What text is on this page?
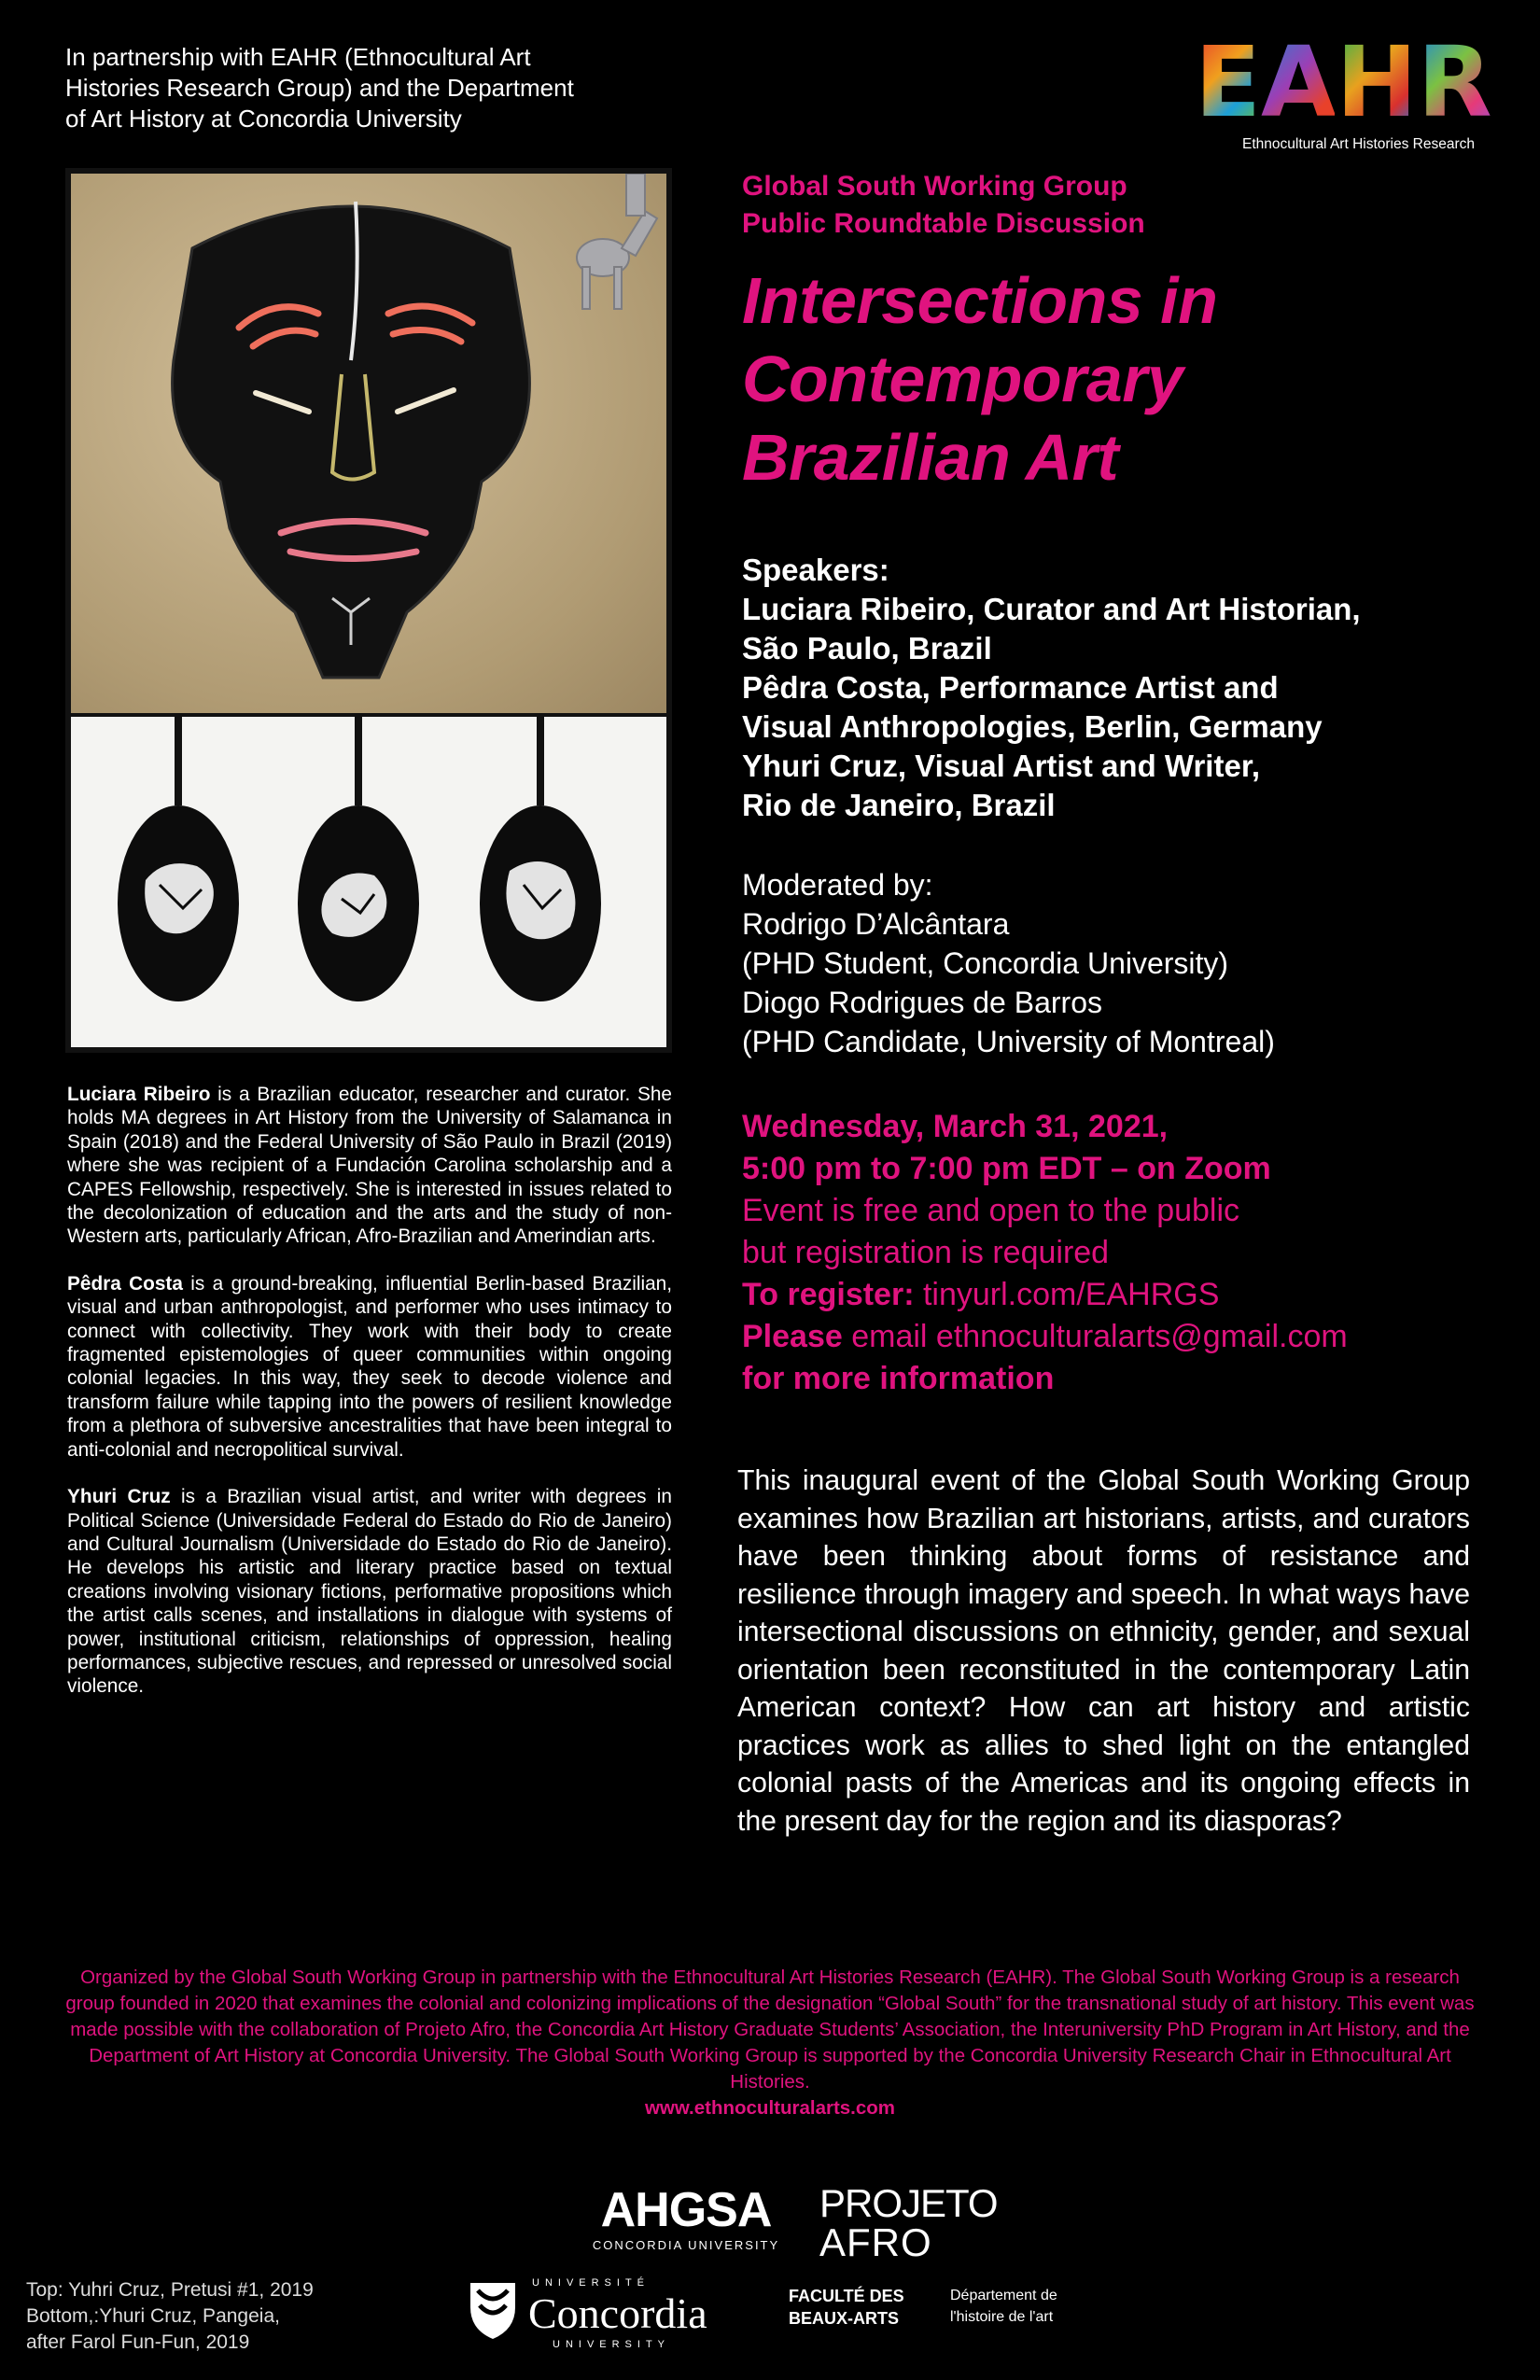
In partnership with EAHR (Ethnocultural Art
Histories Research Group) and the Department
of Art History at Concordia University	E A H R
Ethnocultural Art Histories Research
Global South Working Group
Public Roundtable Discussion
Intersections in
Contemporary
Brazilian Art
Speakers:
Luciara Ribeiro, Curator and Art Historian,
São Paulo, Brazil
Pêdra Costa, Performance Artist and
Visual Anthropologies, Berlin, Germany
Yhuri Cruz, Visual Artist and Writer,
Rio de Janeiro, Brazil
Moderated by:
Rodrigo D’Alcântara
(PHD Student, Concordia University)
Diogo Rodrigues de Barros
(PHD Candidate, University of Montreal)
Wednesday, March 31, 2021,
5:00 pm to 7:00 pm EDT – on Zoom
Event is free and open to the public
but registration is required
To register: tinyurl.com/EAHRGS
Please email ethnoculturalarts@gmail.com
for more information

Luciara Ribeiro is a Brazilian educator, researcher and curator. She holds MA degrees in Art History from the University of Salamanca in Spain (2018) and the Federal University of São Paulo in Brazil (2019) where she was recipient of a Fundación Carolina scholarship and a CAPES Fellowship, respectively. She is interested in issues related to the decolonization of education and the arts and the study of non-Western arts, particularly African, Afro-Brazilian and Amerindian arts.

Pêdra Costa is a ground-breaking, influential Berlin-based Brazilian, visual and urban anthropologist, and performer who uses intimacy to connect with collectivity. They work with their body to create fragmented epistemologies of queer communities within ongoing colonial legacies. In this way, they seek to decode violence and transform failure while tapping into the powers of resilient knowledge from a plethora of subversive ancestralities that have been integral to anti-colonial and necropolitical survival.

Yhuri Cruz is a Brazilian visual artist, and writer with degrees in Political Science (Universidade Federal do Estado do Rio de Janeiro) and Cultural Journalism (Universidade do Estado do Rio de Janeiro). He develops his artistic and literary practice based on textual creations involving visionary fictions, performative propositions which the artist calls scenes, and installations in dialogue with systems of power, institutional criticism, relationships of oppression, healing performances, subjective rescues, and repressed or unresolved social violence.

This inaugural event of the Global South Working Group examines how Brazilian art historians, artists, and curators have been thinking about forms of resistance and resilience through imagery and speech. In what ways have intersectional discussions on ethnicity, gender, and sexual orientation been reconstituted in the contemporary Latin American context? How can art history and artistic practices work as allies to shed light on the entangled colonial pasts of the Americas and its ongoing effects in the present day for the region and its diasporas?
Organized by the Global South Working Group in partnership with the Ethnocultural Art Histories Research (EAHR). The Global South Working Group is a research group founded in 2020 that examines the colonial and colonizing implications of the designation “Global South” for the transnational study of art history. This event was made possible with the collaboration of Projeto Afro, the Concordia Art History Graduate Students’ Association, the Interuniversity PhD Program in Art History, and the Department of Art History at Concordia University. The Global South Working Group is supported by the Concordia University Research Chair in Ethnocultural Art Histories.
www.ethnoculturalarts.com
Top: Yuhri Cruz, Pretusi #1, 2019
Bottom,:Yhuri Cruz, Pangeia,
after Farol Fun-Fun, 2019
AHGSA
CONCORDIA UNIVERSITY
PROJETO
AFRO
UNIVERSITÉ
Concordia
UNIVERSITY
FACULTÉ DES
BEAUX-ARTS
Département de
l'histoire de l'art
